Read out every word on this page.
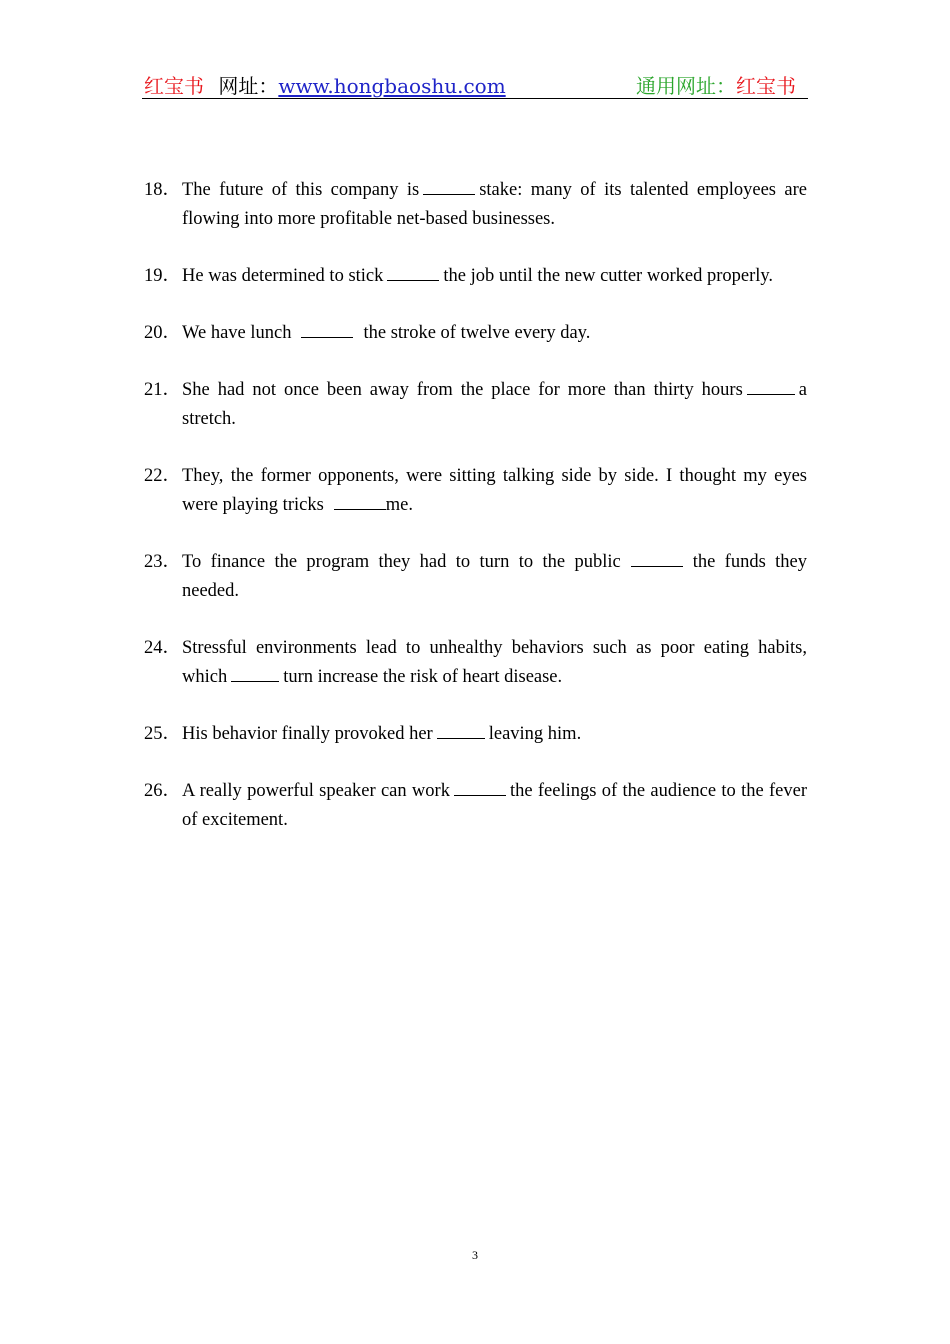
红宝书 网址：www.hongbaoshu.com	通用网址：红宝书
18． The future of this company is	stake: many of its talented employees are flowing into more profitable net-based businesses.
19． He was determined to stick	the job until the new cutter worked properly.
20． We have lunch	the stroke of twelve every day.
21． She had not once been away from the place for more than thirty hours	a stretch.
22． They, the former opponents, were sitting talking side by side. I thought my eyes were playing tricks	me.
23． To finance the program they had to turn to the public	the funds they needed.
24． Stressful environments lead to unhealthy behaviors such as poor eating habits, which	turn increase the risk of heart disease.
25． His behavior finally provoked her	leaving him.
26． A really powerful speaker can work	the feelings of the audience to the fever of excitement.
3
